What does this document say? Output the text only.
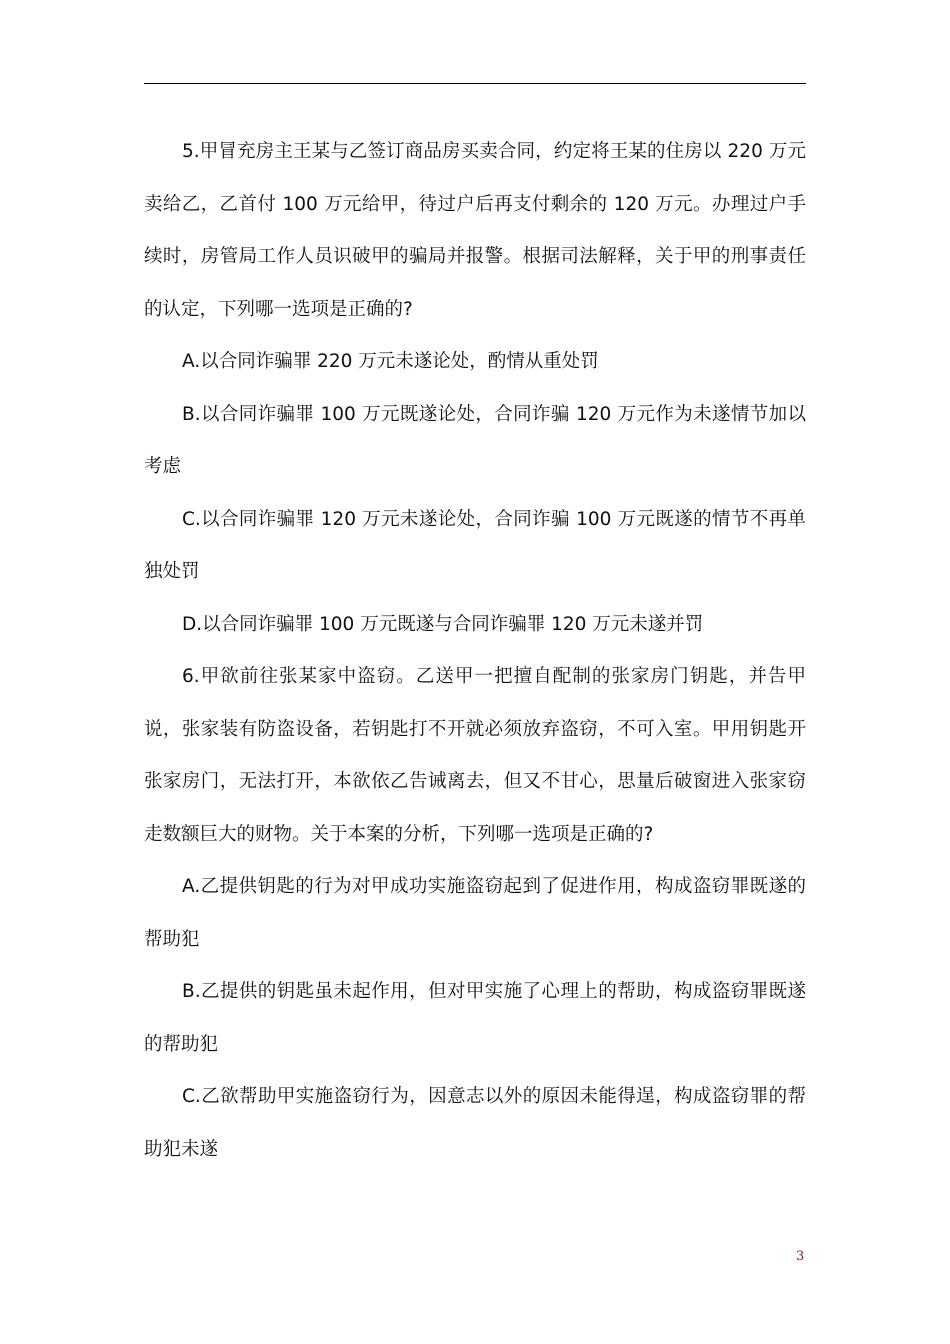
5.甲冒充房主王某与乙签订商品房买卖合同，约定将王某的住房以 220 万元卖给乙，乙首付 100 万元给甲，待过户后再支付剩余的 120 万元。办理过户手续时，房管局工作人员识破甲的骗局并报警。根据司法解释，关于甲的刑事责任的认定，下列哪一选项是正确的?

A.以合同诈骗罪 220 万元未遂论处，酌情从重处罚

B.以合同诈骗罪 100 万元既遂论处，合同诈骗 120 万元作为未遂情节加以考虑

C.以合同诈骗罪 120 万元未遂论处，合同诈骗 100 万元既遂的情节不再单独处罚

D.以合同诈骗罪 100 万元既遂与合同诈骗罪 120 万元未遂并罚

6.甲欲前往张某家中盗窃。乙送甲一把擅自配制的张家房门钥匙，并告甲说，张家装有防盗设备，若钥匙打不开就必须放弃盗窃，不可入室。甲用钥匙开张家房门，无法打开，本欲依乙告诫离去，但又不甘心，思量后破窗进入张家窃走数额巨大的财物。关于本案的分析，下列哪一选项是正确的?

A.乙提供钥匙的行为对甲成功实施盗窃起到了促进作用，构成盗窃罪既遂的帮助犯

B.乙提供的钥匙虽未起作用，但对甲实施了心理上的帮助，构成盗窃罪既遂的帮助犯

C.乙欲帮助甲实施盗窃行为，因意志以外的原因未能得逞，构成盗窃罪的帮助犯未遂

3
